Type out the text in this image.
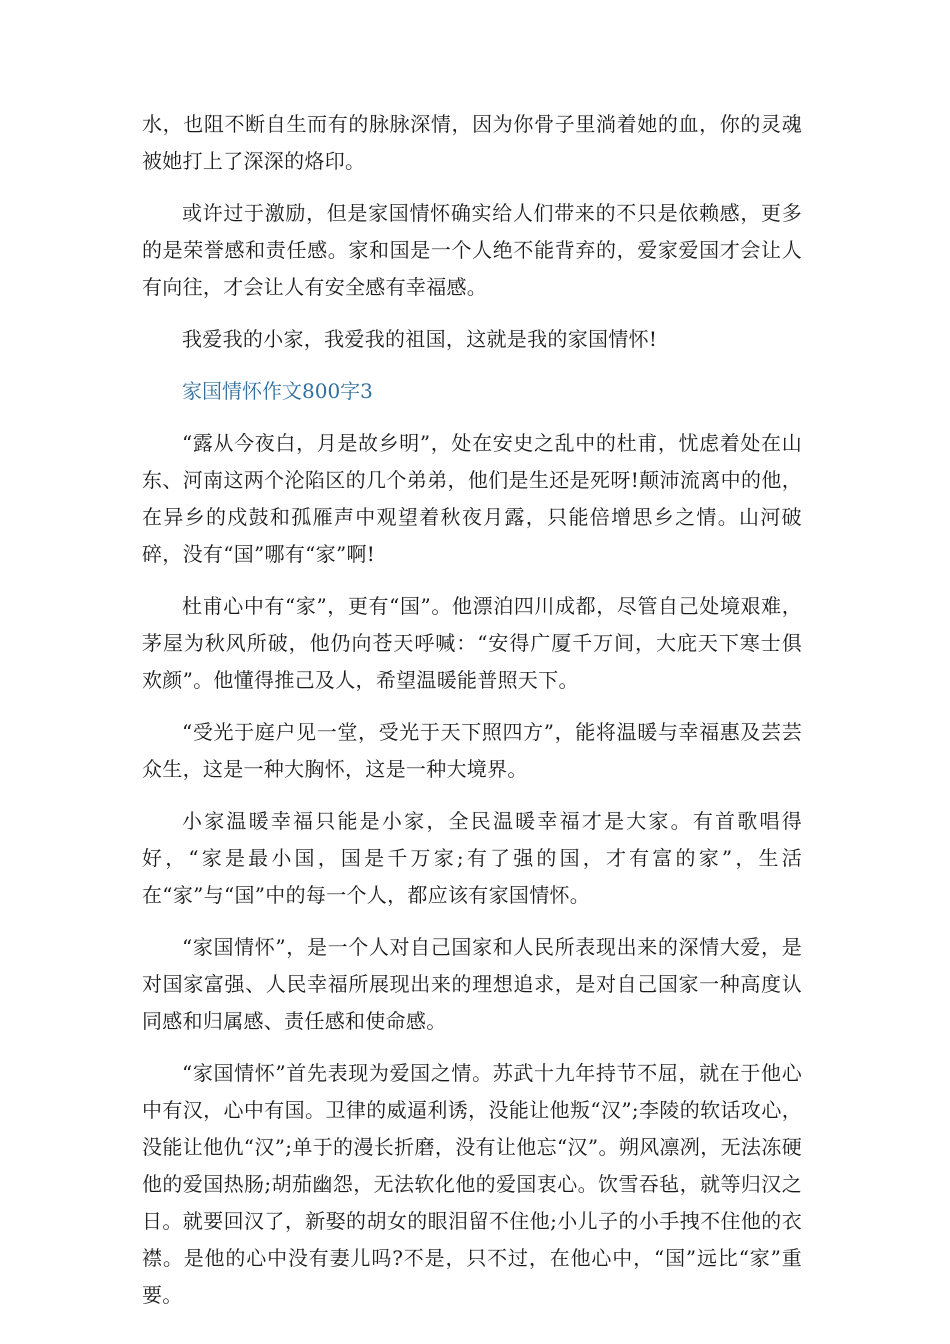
水，也阻不断自生而有的脉脉深情，因为你骨子里淌着她的血，你的灵魂被她打上了深深的烙印。

或许过于激励，但是家国情怀确实给人们带来的不只是依赖感，更多的是荣誉感和责任感。家和国是一个人绝不能背弃的，爱家爱国才会让人有向往，才会让人有安全感有幸福感。

我爱我的小家，我爱我的祖国，这就是我的家国情怀!

家国情怀作文800字3

“露从今夜白，月是故乡明”，处在安史之乱中的杜甫，忧虑着处在山东、河南这两个沦陷区的几个弟弟，他们是生还是死呀!颠沛流离中的他，在异乡的戍鼓和孤雁声中观望着秋夜月露，只能倍增思乡之情。山河破碎，没有“国”哪有“家”啊!

杜甫心中有“家”，更有“国”。他漂泊四川成都，尽管自己处境艰难，茅屋为秋风所破，他仍向苍天呼喊：“安得广厦千万间，大庇天下寒士俱欢颜”。他懂得推己及人，希望温暖能普照天下。

“受光于庭户见一堂，受光于天下照四方”，能将温暖与幸福惠及芸芸众生，这是一种大胸怀，这是一种大境界。

小家温暖幸福只能是小家，全民温暖幸福才是大家。有首歌唱得好，“家是最小国，国是千万家;有了强的国，才有富的家”，生活在“家”与“国”中的每一个人，都应该有家国情怀。

“家国情怀”，是一个人对自己国家和人民所表现出来的深情大爱，是对国家富强、人民幸福所展现出来的理想追求，是对自己国家一种高度认同感和归属感、责任感和使命感。

“家国情怀”首先表现为爱国之情。苏武十九年持节不屈，就在于他心中有汉，心中有国。卫律的威逼利诱，没能让他叛“汉”;李陵的软话攻心，没能让他仇“汉”;单于的漫长折磨，没有让他忘“汉”。朔风凛冽，无法冻硬他的爱国热肠;胡茄幽怨，无法软化他的爱国衷心。饮雪吞毡，就等归汉之日。就要回汉了，新娶的胡女的眼泪留不住他;小儿子的小手拽不住他的衣襟。是他的心中没有妻儿吗?不是，只不过，在他心中，“国”远比“家”重要。
